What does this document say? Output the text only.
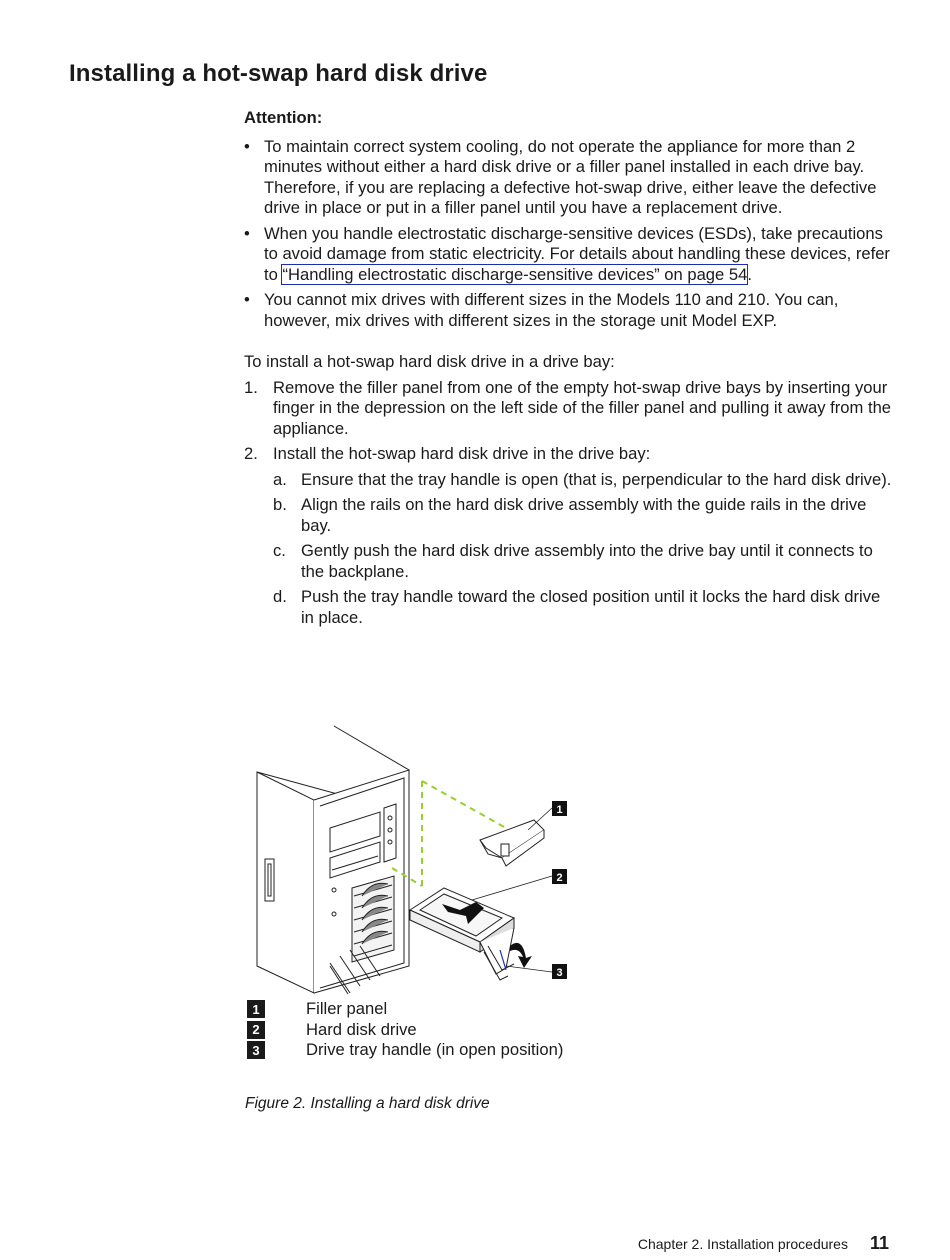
Installing a hot-swap hard disk drive
Attention:
• To maintain correct system cooling, do not operate the appliance for more than 2 minutes without either a hard disk drive or a filler panel installed in each drive bay. Therefore, if you are replacing a defective hot-swap drive, either leave the defective drive in place or put in a filler panel until you have a replacement drive.
• When you handle electrostatic discharge-sensitive devices (ESDs), take precautions to avoid damage from static electricity. For details about handling these devices, refer to “Handling electrostatic discharge-sensitive devices” on page 54.
• You cannot mix drives with different sizes in the Models 110 and 210. You can, however, mix drives with different sizes in the storage unit Model EXP.
To install a hot-swap hard disk drive in a drive bay:
1. Remove the filler panel from one of the empty hot-swap drive bays by inserting your finger in the depression on the left side of the filler panel and pulling it away from the appliance.
2. Install the hot-swap hard disk drive in the drive bay:
a. Ensure that the tray handle is open (that is, perpendicular to the hard disk drive).
b. Align the rails on the hard disk drive assembly with the guide rails in the drive bay.
c. Gently push the hard disk drive assembly into the drive bay until it connects to the backplane.
d. Push the tray handle toward the closed position until it locks the hard disk drive in place.
1
2
3
1	Filler panel
2	Hard disk drive
3	Drive tray handle (in open position)
Figure 2. Installing a hard disk drive
Chapter 2. Installation procedures 11
